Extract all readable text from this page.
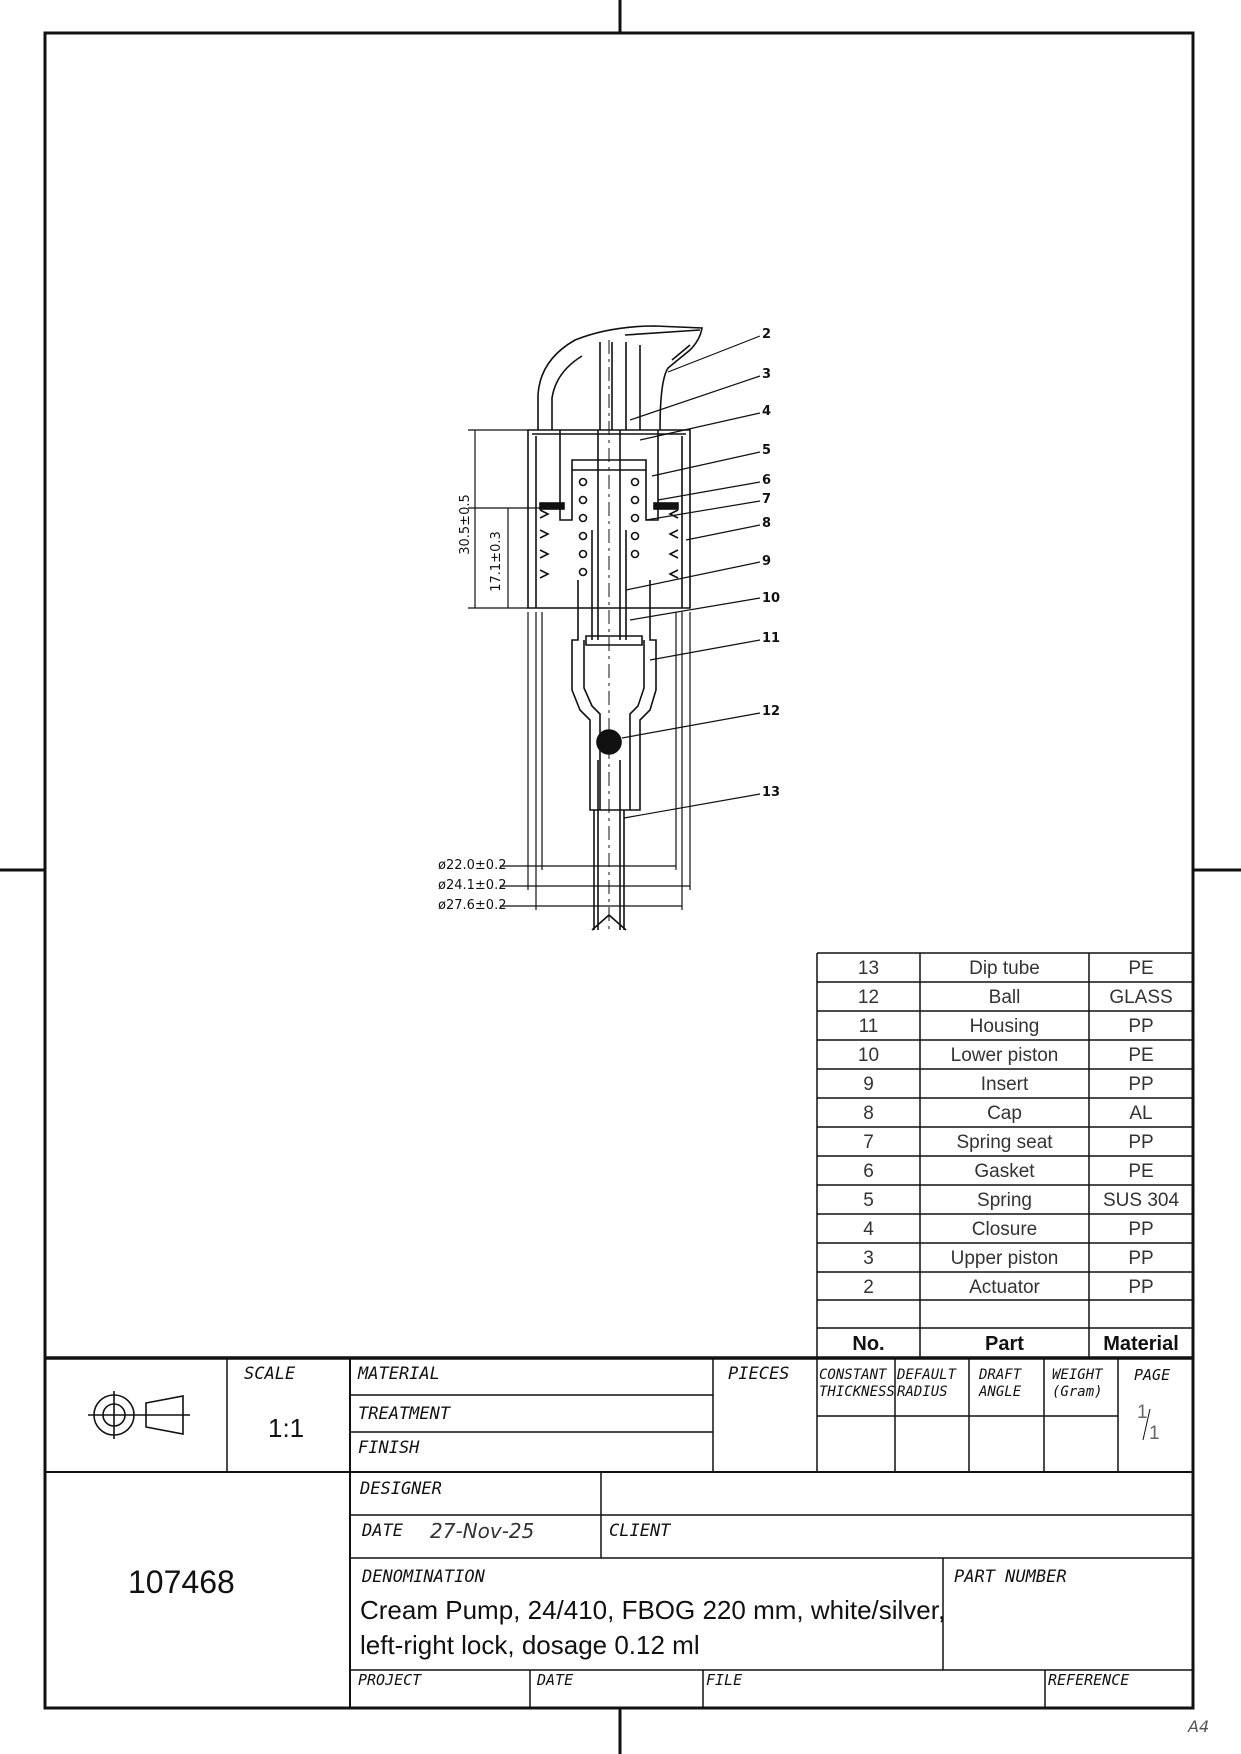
2
3
4
5
6
7
8
9
10
11
12
13
30.5±0.5
17.1±0.3
ø22.0±0.2
ø24.1±0.2
ø27.6±0.2
13	Dip tube	PE
12	Ball	GLASS
11	Housing	PP
10	Lower piston	PE
9	Insert	PP
8	Cap	AL
7	Spring seat	PP
6	Gasket	PE
5	Spring	SUS 304
4	Closure	PP
3	Upper piston	PP
2	Actuator	PP
No.	Part	Material
SCALE
1:1
MATERIAL
TREATMENT
FINISH
PIECES CONSTANT
THICKNESS
DEFAULT
RADIUS
DRAFT
ANGLE
WEIGHT
(Gram)
PAGE
1
1
107468
DESIGNER
DATE 27-Nov-25	CLIENT
DENOMINATION
Cream Pump, 24/410, FBOG 220 mm, white/silver,
left-right lock, dosage 0.12 ml
PART NUMBER
PROJECT	DATE	FILE	REFERENCE
A4
